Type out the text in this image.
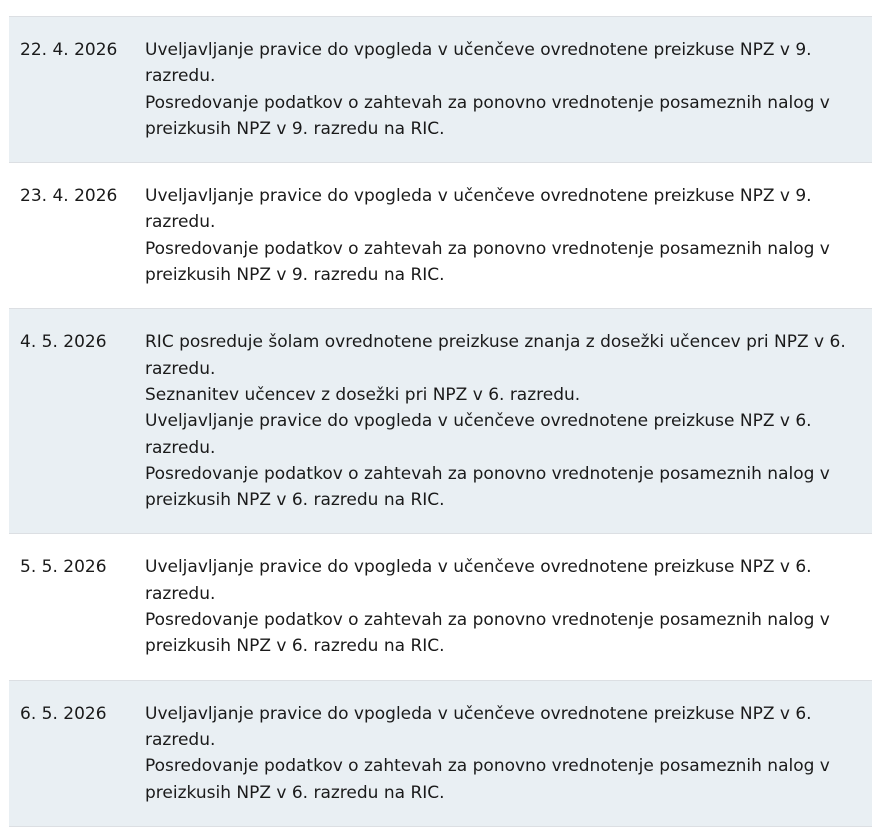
22. 4. 2026	Uveljavljanje pravice do vpogleda v učenčeve ovrednotene preizkuse NPZ v 9. razredu.
Posredovanje podatkov o zahtevah za ponovno vrednotenje posameznih nalog v
preizkusih NPZ v 9. razredu na RIC.
23. 4. 2026	Uveljavljanje pravice do vpogleda v učenčeve ovrednotene preizkuse NPZ v 9. razredu.
Posredovanje podatkov o zahtevah za ponovno vrednotenje posameznih nalog v
preizkusih NPZ v 9. razredu na RIC.
4. 5. 2026	RIC posreduje šolam ovrednotene preizkuse znanja z dosežki učencev pri NPZ v 6.
razredu.
Seznanitev učencev z dosežki pri NPZ v 6. razredu.
Uveljavljanje pravice do vpogleda v učenčeve ovrednotene preizkuse NPZ v 6. razredu.
Posredovanje podatkov o zahtevah za ponovno vrednotenje posameznih nalog v
preizkusih NPZ v 6. razredu na RIC.
5. 5. 2026	Uveljavljanje pravice do vpogleda v učenčeve ovrednotene preizkuse NPZ v 6. razredu.
Posredovanje podatkov o zahtevah za ponovno vrednotenje posameznih nalog v
preizkusih NPZ v 6. razredu na RIC.
6. 5. 2026	Uveljavljanje pravice do vpogleda v učenčeve ovrednotene preizkuse NPZ v 6. razredu.
Posredovanje podatkov o zahtevah za ponovno vrednotenje posameznih nalog v
preizkusih NPZ v 6. razredu na RIC.
